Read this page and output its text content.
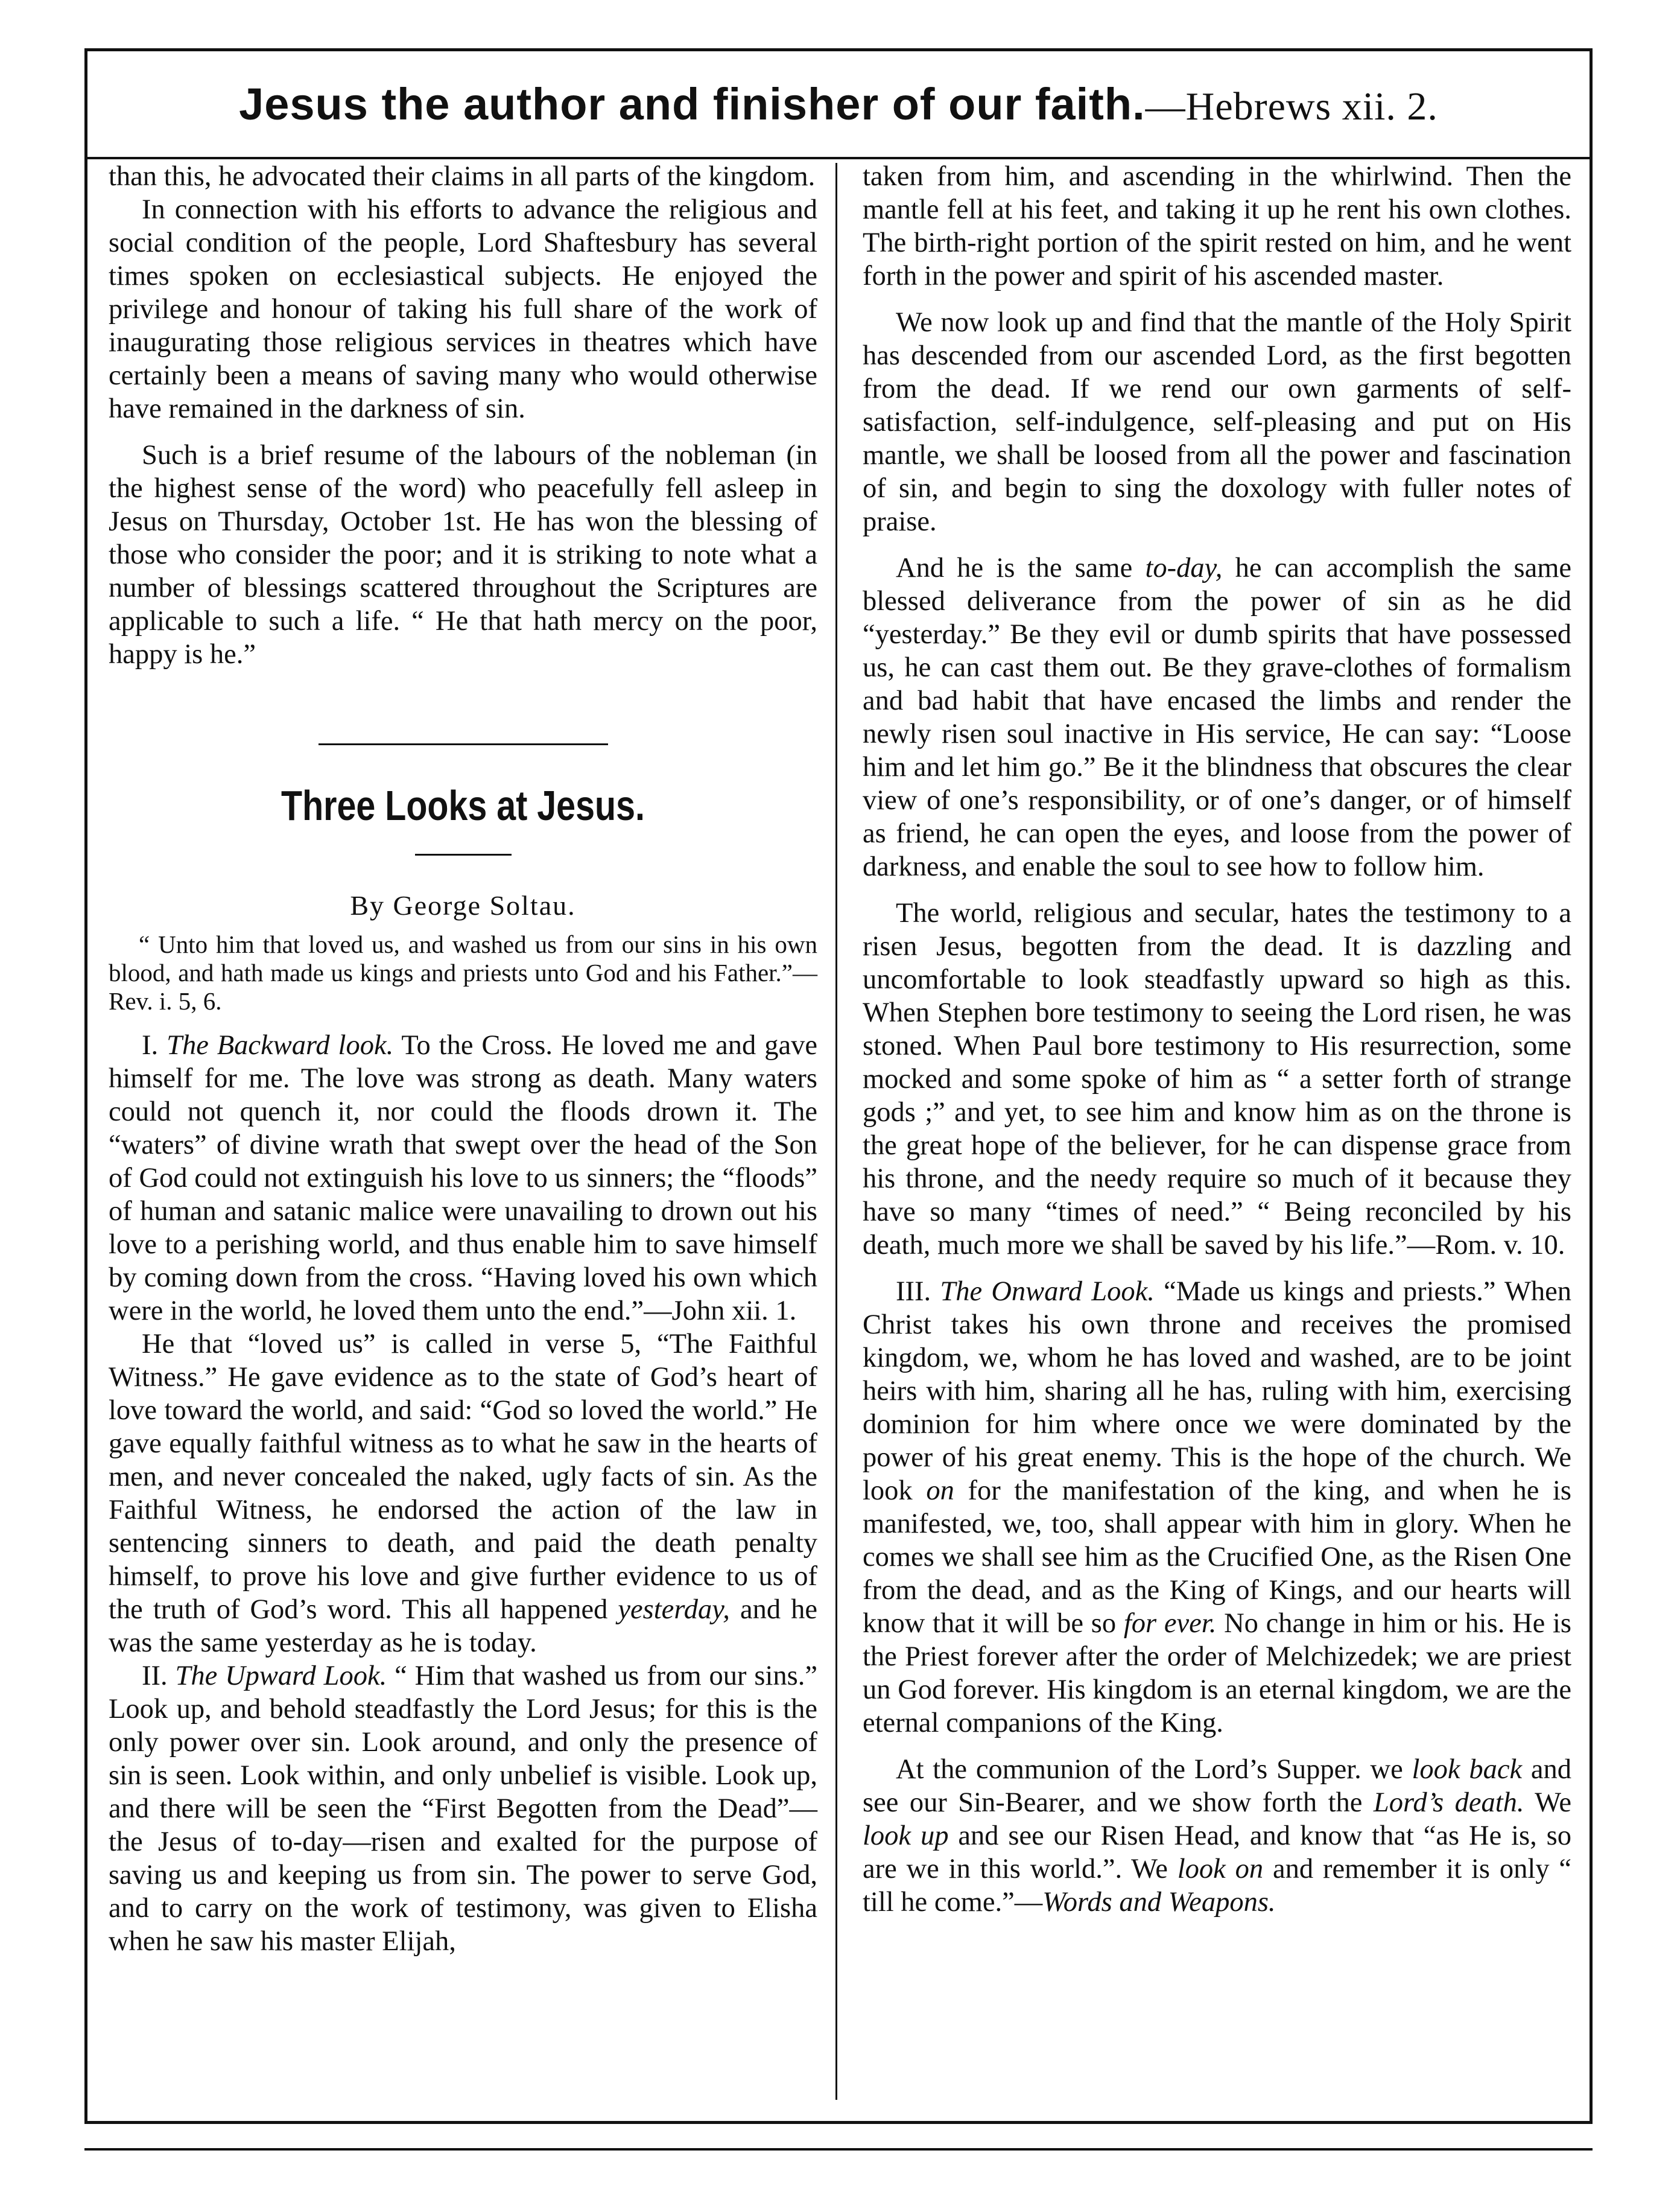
Jesus the author and finisher of our faith.—Hebrews xii. 2.

than this, he advocated their claims in all parts of the kingdom.

In connection with his efforts to advance the religious and social condition of the people, Lord Shaftesbury has several times spoken on ecclesiastical subjects. He enjoyed the privilege and honour of taking his full share of the work of inaugurating those religious services in theatres which have certainly been a means of saving many who would otherwise have remained in the darkness of sin.

Such is a brief resume of the labours of the nobleman (in the highest sense of the word) who peacefully fell asleep in Jesus on Thursday, October 1st. He has won the blessing of those who consider the poor; and it is striking to note what a number of blessings scattered throughout the Scriptures are applicable to such a life. “ He that hath mercy on the poor, happy is he.”

Three Looks at Jesus.
By George Soltau.

“ Unto him that loved us, and washed us from our sins in his own blood, and hath made us kings and priests unto God and his Father.”—Rev. i. 5, 6.

I. The Backward look. To the Cross. He loved me and gave himself for me. The love was strong as death. Many waters could not quench it, nor could the floods drown it. The “waters” of divine wrath that swept over the head of the Son of God could not extinguish his love to us sinners; the “floods” of human and satanic malice were unavailing to drown out his love to a perishing world, and thus enable him to save himself by coming down from the cross. “Having loved his own which were in the world, he loved them unto the end.”—John xii. 1.

He that “loved us” is called in verse 5, “The Faithful Witness.” He gave evidence as to the state of God’s heart of love toward the world, and said: “God so loved the world.” He gave equally faithful witness as to what he saw in the hearts of men, and never concealed the naked, ugly facts of sin. As the Faithful Witness, he endorsed the action of the law in sentencing sinners to death, and paid the death penalty himself, to prove his love and give further evidence to us of the truth of God’s word. This all happened yesterday, and he was the same yesterday as he is today.

II. The Upward Look. “ Him that washed us from our sins.” Look up, and behold steadfastly the Lord Jesus; for this is the only power over sin. Look around, and only the presence of sin is seen. Look within, and only unbelief is visible. Look up, and there will be seen the “First Begotten from the Dead”—the Jesus of to-day—risen and exalted for the purpose of saving us and keeping us from sin. The power to serve God, and to carry on the work of testimony, was given to Elisha when he saw his master Elijah,

taken from him, and ascending in the whirlwind. Then the mantle fell at his feet, and taking it up he rent his own clothes. The birth-right portion of the spirit rested on him, and he went forth in the power and spirit of his ascended master.

We now look up and find that the mantle of the Holy Spirit has descended from our ascended Lord, as the first begotten from the dead. If we rend our own garments of self-satisfaction, self-indulgence, self-pleasing and put on His mantle, we shall be loosed from all the power and fascination of sin, and begin to sing the doxology with fuller notes of praise.

And he is the same to-day, he can accomplish the same blessed deliverance from the power of sin as he did “yesterday.” Be they evil or dumb spirits that have possessed us, he can cast them out. Be they grave-clothes of formalism and bad habit that have encased the limbs and render the newly risen soul inactive in His service, He can say: “Loose him and let him go.” Be it the blindness that obscures the clear view of one’s responsibility, or of one’s danger, or of himself as friend, he can open the eyes, and loose from the power of darkness, and enable the soul to see how to follow him.

The world, religious and secular, hates the testimony to a risen Jesus, begotten from the dead. It is dazzling and uncomfortable to look steadfastly upward so high as this. When Stephen bore testimony to seeing the Lord risen, he was stoned. When Paul bore testimony to His resurrection, some mocked and some spoke of him as “ a setter forth of strange gods ;” and yet, to see him and know him as on the throne is the great hope of the believer, for he can dispense grace from his throne, and the needy require so much of it because they have so many “times of need.” “ Being reconciled by his death, much more we shall be saved by his life.”—Rom. v. 10.

III. The Onward Look. “Made us kings and priests.” When Christ takes his own throne and receives the promised kingdom, we, whom he has loved and washed, are to be joint heirs with him, sharing all he has, ruling with him, exercising dominion for him where once we were dominated by the power of his great enemy. This is the hope of the church. We look on for the manifestation of the king, and when he is manifested, we, too, shall appear with him in glory. When he comes we shall see him as the Crucified One, as the Risen One from the dead, and as the King of Kings, and our hearts will know that it will be so for ever. No change in him or his. He is the Priest forever after the order of Melchizedek; we are priest un God forever. His kingdom is an eternal kingdom, we are the eternal companions of the King.

At the communion of the Lord’s Supper. we look back and see our Sin-Bearer, and we show forth the Lord’s death. We look up and see our Risen Head, and know that “as He is, so are we in this world.”. We look on and remember it is only “ till he come.”—Words and Weapons.
